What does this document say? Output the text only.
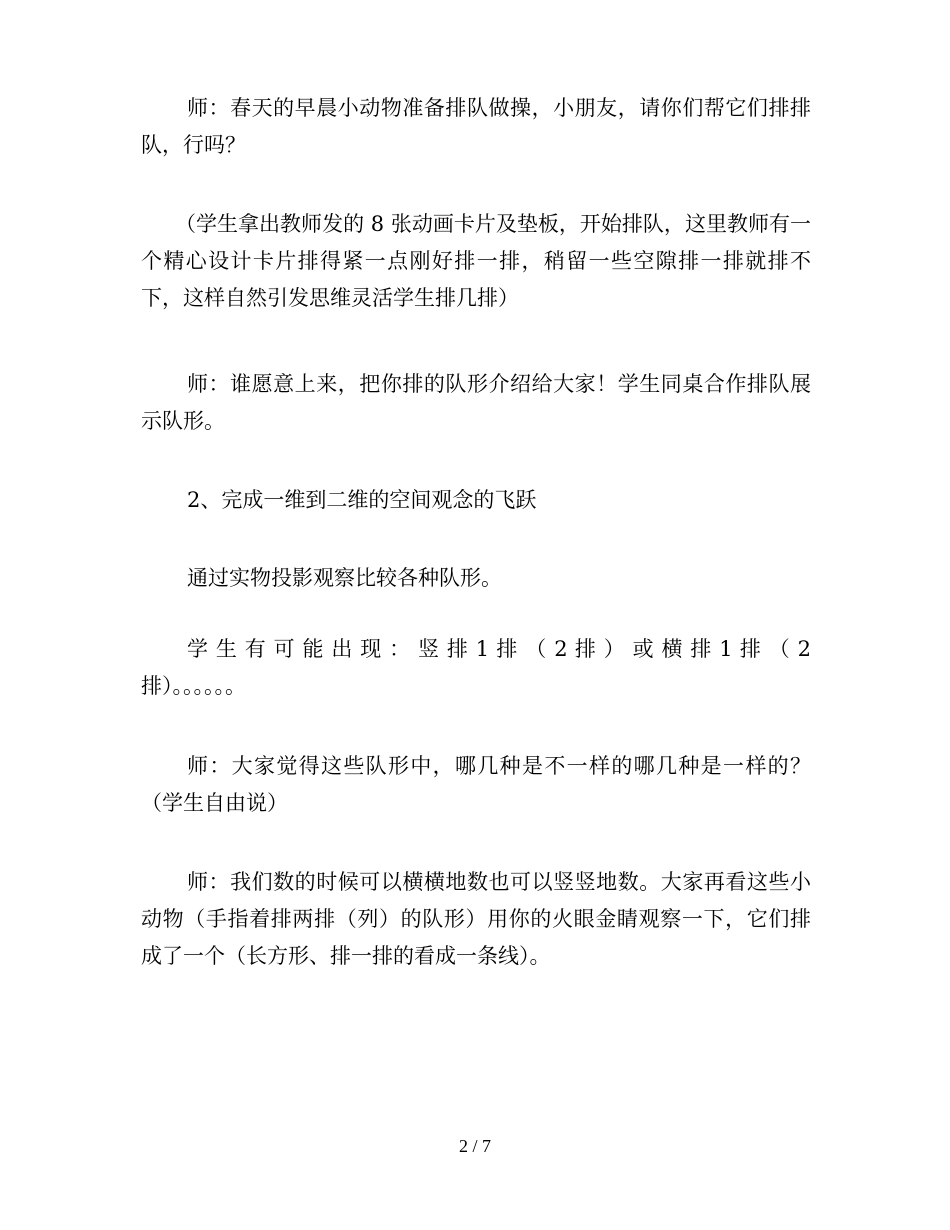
师：春天的早晨小动物准备排队做操，小朋友，请你们帮它们排排队，行吗？

（学生拿出教师发的 8 张动画卡片及垫板，开始排队，这里教师有一个精心设计卡片排得紧一点刚好排一排，稍留一些空隙排一排就排不下，这样自然引发思维灵活学生排几排）

师：谁愿意上来，把你排的队形介绍给大家！学生同桌合作排队展示队形。

2、完成一维到二维的空间观念的飞跃

通过实物投影观察比较各种队形。

学 生 有 可 能 出 现 ： 竖 排 1 排 （ 2 排 ） 或 横 排 1 排 （ 2 排）。。。。。。

师：大家觉得这些队形中，哪几种是不一样的哪几种是一样的？（学生自由说）

师：我们数的时候可以横横地数也可以竖竖地数。大家再看这些小动物（手指着排两排（列）的队形）用你的火眼金睛观察一下，它们排成了一个（长方形、排一排的看成一条线）。

2 / 7
